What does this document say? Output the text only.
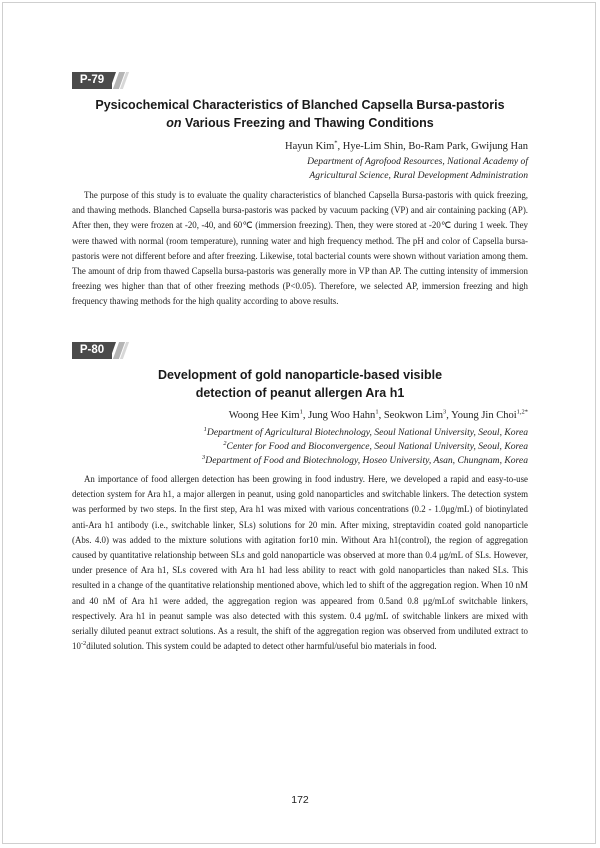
P-79
Pysicochemical Characteristics of Blanched Capsella Bursa-pastoris
on Various Freezing and Thawing Conditions
Hayun Kim*, Hye-Lim Shin, Bo-Ram Park, Gwijung Han
Department of Agrofood Resources, National Academy of
Agricultural Science, Rural Development Administration

The purpose of this study is to evaluate the quality characteristics of blanched Capsella Bursa-pastoris with quick freezing, and thawing methods. Blanched Capsella bursa-pastoris was packed by vacuum packing (VP) and air containing packing (AP). After then, they were frozen at -20, -40, and 60℃ (immersion freezing). Then, they were stored at -20℃ during 1 week. They were thawed with normal (room temperature), running water and high frequency method. The pH and color of Capsella bursa-pastoris were not different before and after freezing. Likewise, total bacterial counts were shown without variation among them. The amount of drip from thawed Capsella bursa-pastoris was generally more in VP than AP. The cutting intensity of immersion freezing wes higher than that of other freezing methods (P<0.05). Therefore, we selected AP, immersion freezing and high frequency thawing methods for the high quality according to above results.

P-80
Development of gold nanoparticle-based visible
detection of peanut allergen Ara h1
Woong Hee Kim$^1$, Jung Woo Hahn$^1$, Seokwon Lim$^3$, Young Jin Choi$^{1,2*}$
$^1$Department of Agricultural Biotechnology, Seoul National University, Seoul, Korea
$^2$Center for Food and Bioconvergence, Seoul National University, Seoul, Korea
$^3$Department of Food and Biotechnology, Hoseo University, Asan, Chungnam, Korea

An importance of food allergen detection has been growing in food industry. Here, we developed a rapid and easy-to-use detection system for Ara h1, a major allergen in peanut, using gold nanoparticles and switchable linkers. The detection system was performed by two steps. In the first step, Ara h1 was mixed with various concentrations (0.2 - 1.0μg/mL) of biotinylated anti-Ara h1 antibody (i.e., switchable linker, SLs) solutions for 20 min. After mixing, streptavidin coated gold nanoparticle (Abs. 4.0) was added to the mixture solutions with agitation for10 min. Without Ara h1(control), the region of aggregation caused by quantitative relationship between SLs and gold nanoparticle was observed at more than 0.4 μg/mL of SLs. However, under presence of Ara h1, SLs covered with Ara h1 had less ability to react with gold nanoparticles than naked SLs. This resulted in a change of the quantitative relationship mentioned above, which led to shift of the aggregation region. When 10 nM and 40 nM of Ara h1 were added, the aggregation region was appeared from 0.5and 0.8 μg/mLof switchable linkers, respectively. Ara h1 in peanut sample was also detected with this system. 0.4 μg/mL of switchable linkers are mixed with serially diluted peanut extract solutions. As a result, the shift of the aggregation region was observed from undiluted extract to $10^{-2}diluted$ solution. This system could be adapted to detect other harmful/useful bio materials in food.

172
